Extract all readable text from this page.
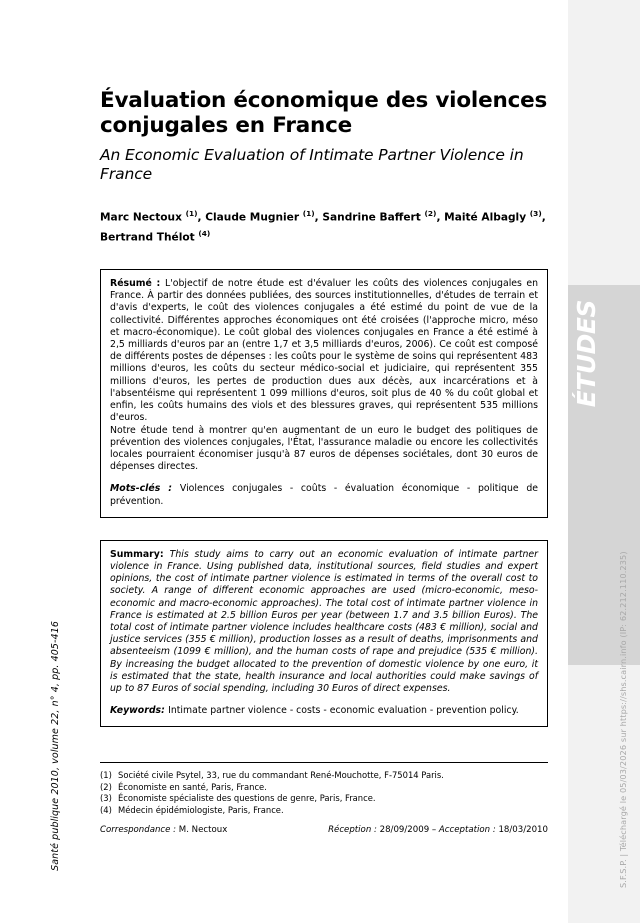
ÉTUDES
S.F.S.P. | Téléchargé le 05/03/2026 sur https://shs.cairn.info (IP: 62.212.110.235)
Santé publique 2010, volume 22, n° 4, pp. 405-416
Évaluation économique des violences conjugales en France
An Economic Evaluation of Intimate Partner Violence in France

Marc Nectoux $^{(1)}$, Claude Mugnier $^{(1)}$, Sandrine Baffert $^{(2)}$, Maité Albagly $^{(3)}$,
Bertrand Thélot $^{(4)}$

Résumé : L'objectif de notre étude est d'évaluer les coûts des violences conjugales en France. À partir des données publiées, des sources institutionnelles, d'études de terrain et d'avis d'experts, le coût des violences conjugales a été estimé du point de vue de la collectivité. Différentes approches économiques ont été croisées (l'approche micro, méso et macro-économique). Le coût global des violences conjugales en France a été estimé à 2,5 milliards d'euros par an (entre 1,7 et 3,5 milliards d'euros, 2006). Ce coût est composé de différents postes de dépenses : les coûts pour le système de soins qui représentent 483 millions d'euros, les coûts du secteur médico-social et judiciaire, qui représentent 355 millions d'euros, les pertes de production dues aux décès, aux incarcérations et à l'absentéisme qui représentent 1 099 millions d'euros, soit plus de 40 % du coût global et enfin, les coûts humains des viols et des blessures graves, qui représentent 535 millions d'euros.

Notre étude tend à montrer qu'en augmentant de un euro le budget des politiques de prévention des violences conjugales, l'État, l'assurance maladie ou encore les collectivités locales pourraient économiser jusqu'à 87 euros de dépenses sociétales, dont 30 euros de dépenses directes.

Mots-clés : Violences conjugales - coûts - évaluation économique - politique de prévention.

Summary: This study aims to carry out an economic evaluation of intimate partner violence in France. Using published data, institutional sources, field studies and expert opinions, the cost of intimate partner violence is estimated in terms of the overall cost to society. A range of different economic approaches are used (micro-economic, meso-economic and macro-economic approaches). The total cost of intimate partner violence in France is estimated at 2.5 billion Euros per year (between 1.7 and 3.5 billion Euros). The total cost of intimate partner violence includes healthcare costs (483 € million), social and justice services (355 € million), production losses as a result of deaths, imprisonments and absenteeism (1099 € million), and the human costs of rape and prejudice (535 € million). By increasing the budget allocated to the prevention of domestic violence by one euro, it is estimated that the state, health insurance and local authorities could make savings of up to 87 Euros of social spending, including 30 Euros of direct expenses.

Keywords: Intimate partner violence - costs - economic evaluation - prevention policy.

(1) Société civile Psytel, 33, rue du commandant René-Mouchotte, F-75014 Paris.
(2) Économiste en santé, Paris, France.
(3) Économiste spécialiste des questions de genre, Paris, France.
(4) Médecin épidémiologiste, Paris, France.
Correspondance : M. Nectoux	Réception : 28/09/2009 – Acceptation : 18/03/2010
